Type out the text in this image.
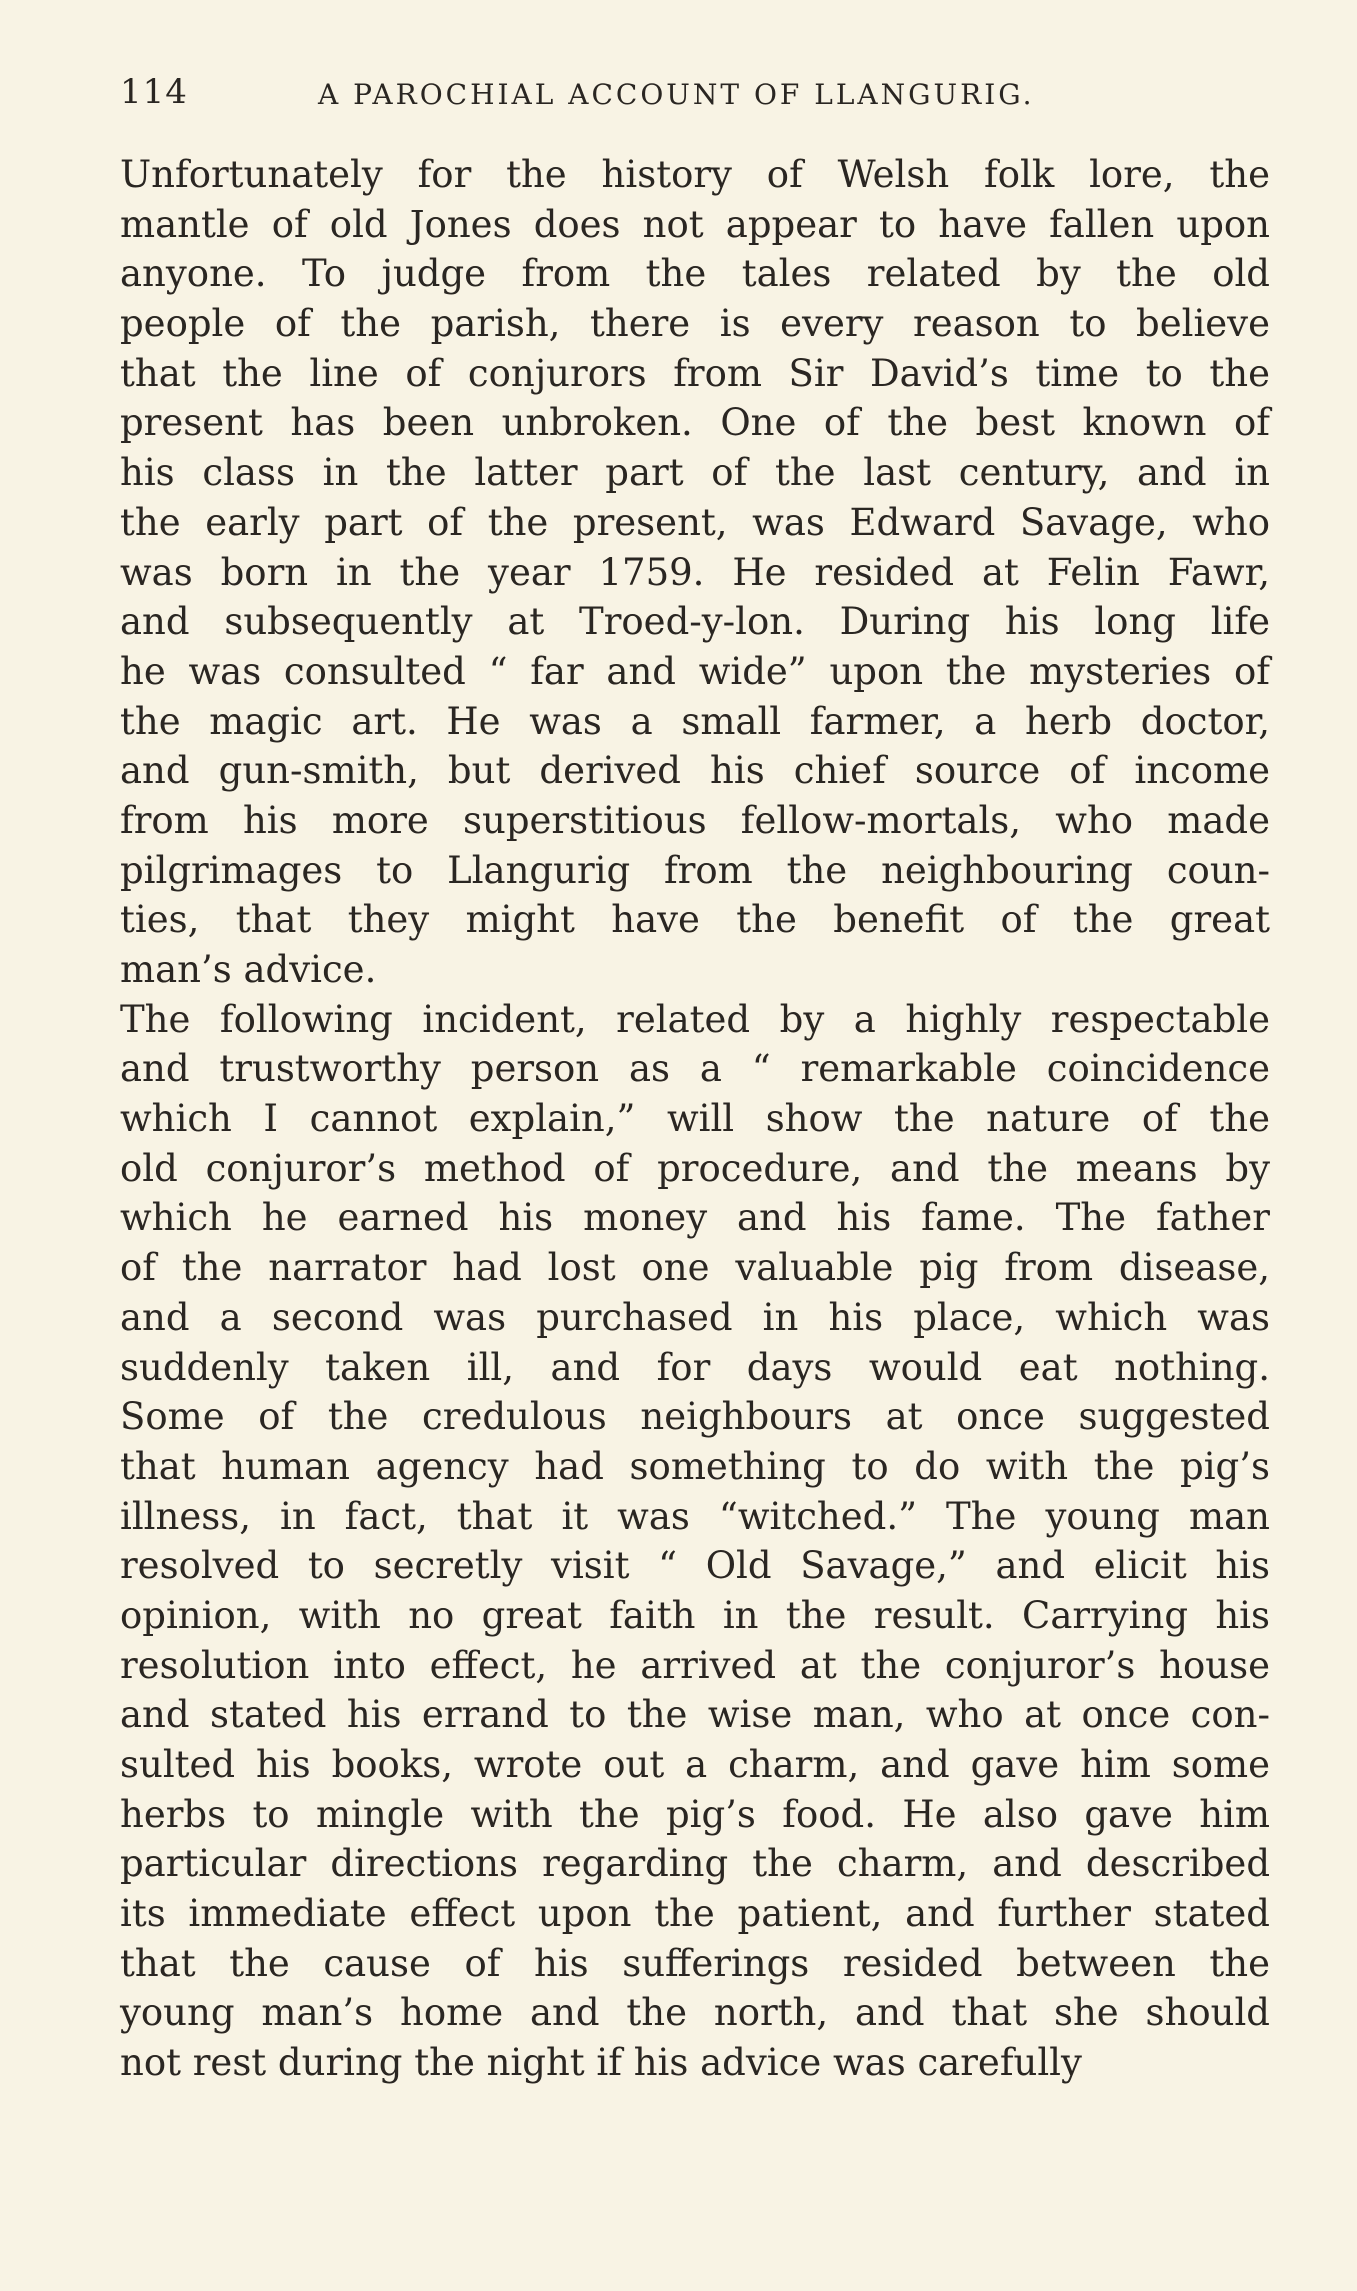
114	A PAROCHIAL ACCOUNT OF LLANGURIG.
Unfortunately for the history of Welsh folk lore, the
mantle of old Jones does not appear to have fallen upon
anyone. To judge from the tales related by the old
people of the parish, there is every reason to believe
that the line of conjurors from Sir David’s time to the
present has been unbroken. One of the best known of
his class in the latter part of the last century, and in
the early part of the present, was Edward Savage, who
was born in the year 1759. He resided at Felin Fawr,
and subsequently at Troed-y-lon. During his long life
he was consulted “ far and wide” upon the mysteries of
the magic art. He was a small farmer, a herb doctor,
and gun-smith, but derived his chief source of income
from his more superstitious fellow-mortals, who made
pilgrimages to Llangurig from the neighbouring coun-
ties, that they might have the benefit of the great
man’s advice.
The following incident, related by a highly respectable
and trustworthy person as a “ remarkable coincidence
which I cannot explain,” will show the nature of the
old conjuror’s method of procedure, and the means by
which he earned his money and his fame. The father
of the narrator had lost one valuable pig from disease,
and a second was purchased in his place, which was
suddenly taken ill, and for days would eat nothing.
Some of the credulous neighbours at once suggested
that human agency had something to do with the pig’s
illness, in fact, that it was “witched.” The young man
resolved to secretly visit “ Old Savage,” and elicit his
opinion, with no great faith in the result. Carrying his
resolution into effect, he arrived at the conjuror’s house
and stated his errand to the wise man, who at once con-
sulted his books, wrote out a charm, and gave him some
herbs to mingle with the pig’s food. He also gave him
particular directions regarding the charm, and described
its immediate effect upon the patient, and further stated
that the cause of his sufferings resided between the
young man’s home and the north, and that she should
not rest during the night if his advice was carefully
